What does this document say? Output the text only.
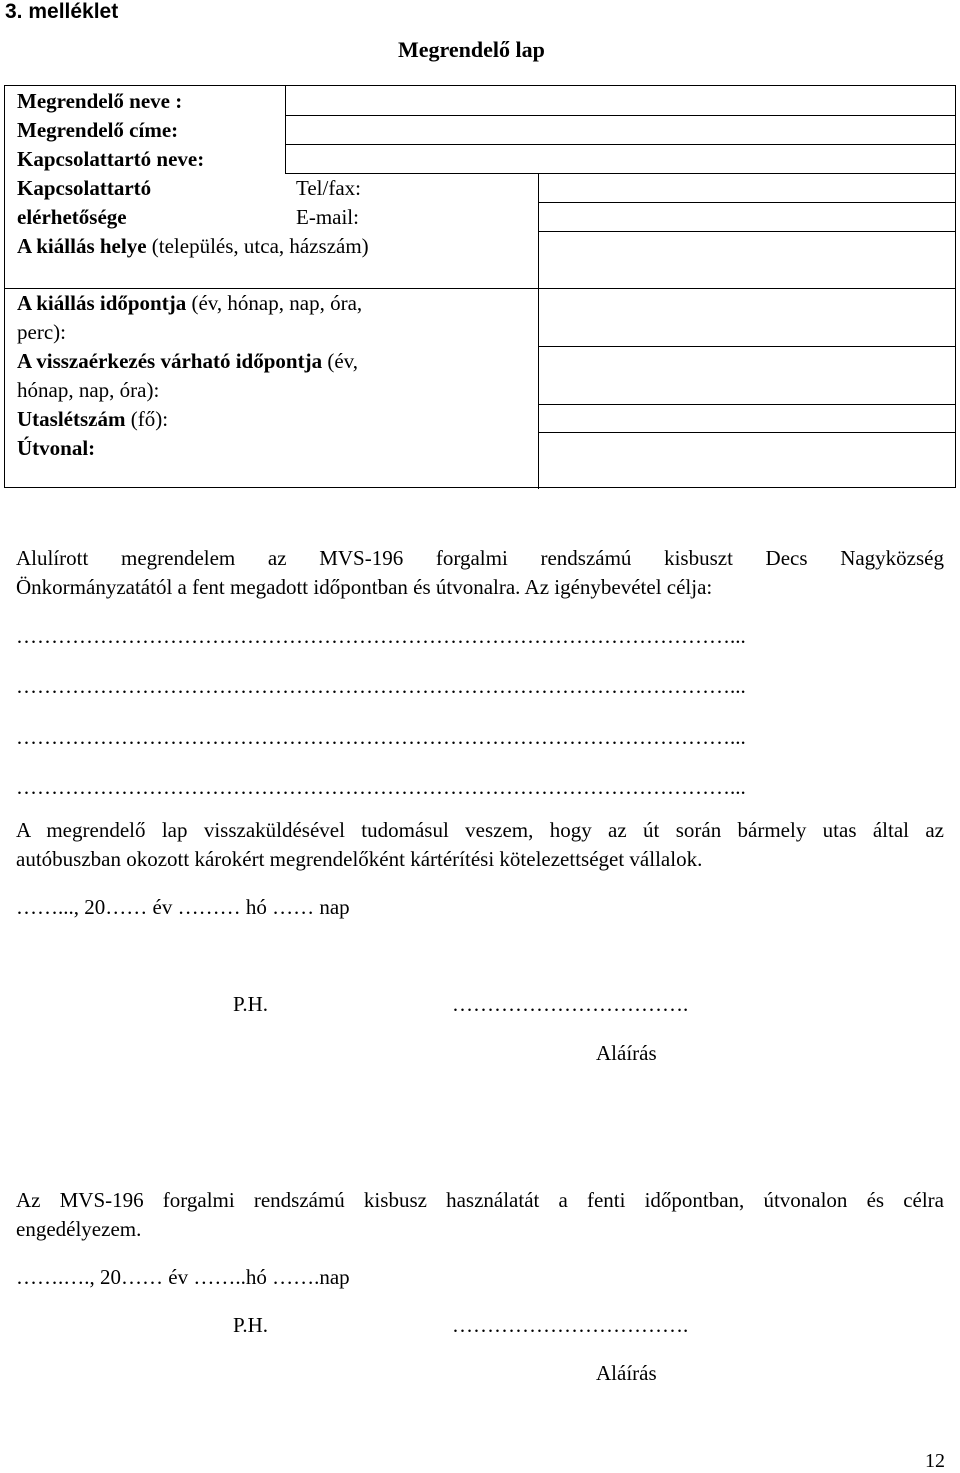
3. melléklet
Megrendelő lap
Megrendelő neve :
Megrendelő címe:
Kapcsolattartó neve:
Kapcsolattartó
elérhetősége
Tel/fax:
E-mail:
A kiállás helye (település, utca, házszám)
A kiállás időpontja (év, hónap, nap, óra,
perc):
A visszaérkezés várható időpontja (év,
hónap, nap, óra):
Utaslétszám (fő):
Útvonal:
Alulírott megrendelem az MVS-196 forgalmi rendszámú kisbuszt Decs Nagyközség
Önkormányzatától a fent megadott időpontban és útvonalra. Az igénybevétel célja:
…………………………………………………………………………………………...
…………………………………………………………………………………………...
…………………………………………………………………………………………...
…………………………………………………………………………………………...
A megrendelő lap visszaküldésével tudomásul veszem, hogy az út során bármely utas által az
autóbuszban okozott károkért megrendelőként kártérítési kötelezettséget vállalok.
……..., 20…… év ……… hó …… nap
P.H.	…………………………….
Aláírás
Az MVS-196 forgalmi rendszámú kisbusz használatát a fenti időpontban, útvonalon és célra
engedélyezem.
…….…., 20…… év ……..hó …….nap
P.H.	…………………………….
Aláírás
12
